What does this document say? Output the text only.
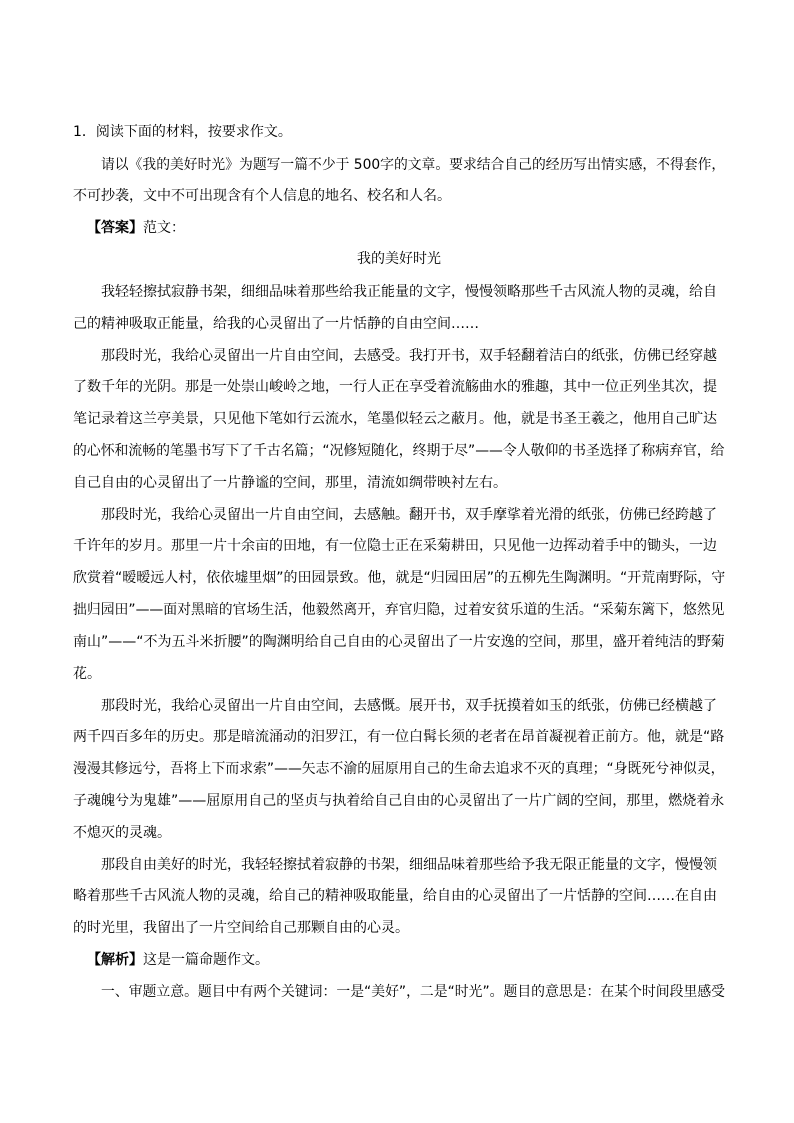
1．阅读下面的材料，按要求作文。
请以《我的美好时光》为题写一篇不少于 500字的文章。要求结合自己的经历写出情实感，不得套作，
不可抄袭，文中不可出现含有个人信息的地名、校名和人名。
【答案】范文：
我的美好时光
我轻轻擦拭寂静书架，细细品味着那些给我正能量的文字，慢慢领略那些千古风流人物的灵魂，给自
己的精神吸取正能量，给我的心灵留出了一片恬静的自由空间……
那段时光，我给心灵留出一片自由空间，去感受。我打开书，双手轻翻着洁白的纸张，仿佛已经穿越
了数千年的光阴。那是一处崇山峻岭之地，一行人正在享受着流觞曲水的雅趣，其中一位正列坐其次，提
笔记录着这兰亭美景，只见他下笔如行云流水，笔墨似轻云之蔽月。他，就是书圣王羲之，他用自己旷达
的心怀和流畅的笔墨书写下了千古名篇；“况修短随化，终期于尽”——令人敬仰的书圣选择了称病弃官，给
自己自由的心灵留出了一片静谧的空间，那里，清流如绸带映衬左右。
那段时光，我给心灵留出一片自由空间，去感触。翻开书，双手摩挲着光滑的纸张，仿佛已经跨越了
千许年的岁月。那里一片十余亩的田地，有一位隐士正在采菊耕田，只见他一边挥动着手中的锄头，一边
欣赏着“暧暧远人村，依依墟里烟”的田园景致。他，就是“归园田居”的五柳先生陶渊明。“开荒南野际，守
拙归园田”——面对黑暗的官场生活，他毅然离开，弃官归隐，过着安贫乐道的生活。“采菊东篱下，悠然见
南山”——“不为五斗米折腰”的陶渊明给自己自由的心灵留出了一片安逸的空间，那里，盛开着纯洁的野菊
花。
那段时光，我给心灵留出一片自由空间，去感慨。展开书，双手抚摸着如玉的纸张，仿佛已经横越了
两千四百多年的历史。那是暗流涌动的汨罗江，有一位白髯长须的老者在昂首凝视着正前方。他，就是“路
漫漫其修远兮，吾将上下而求索”——矢志不渝的屈原用自己的生命去追求不灭的真理；“身既死兮神似灵，
子魂魄兮为鬼雄”——屈原用自己的坚贞与执着给自己自由的心灵留出了一片广阔的空间，那里，燃烧着永
不熄灭的灵魂。
那段自由美好的时光，我轻轻擦拭着寂静的书架，细细品味着那些给予我无限正能量的文字，慢慢领
略着那些千古风流人物的灵魂，给自己的精神吸取能量，给自由的心灵留出了一片恬静的空间……在自由
的时光里，我留出了一片空间给自己那颗自由的心灵。
【解析】这是一篇命题作文。
一、审题立意。题目中有两个关键词：一是“美好”，二是“时光”。题目的意思是：在某个时间段里感受
